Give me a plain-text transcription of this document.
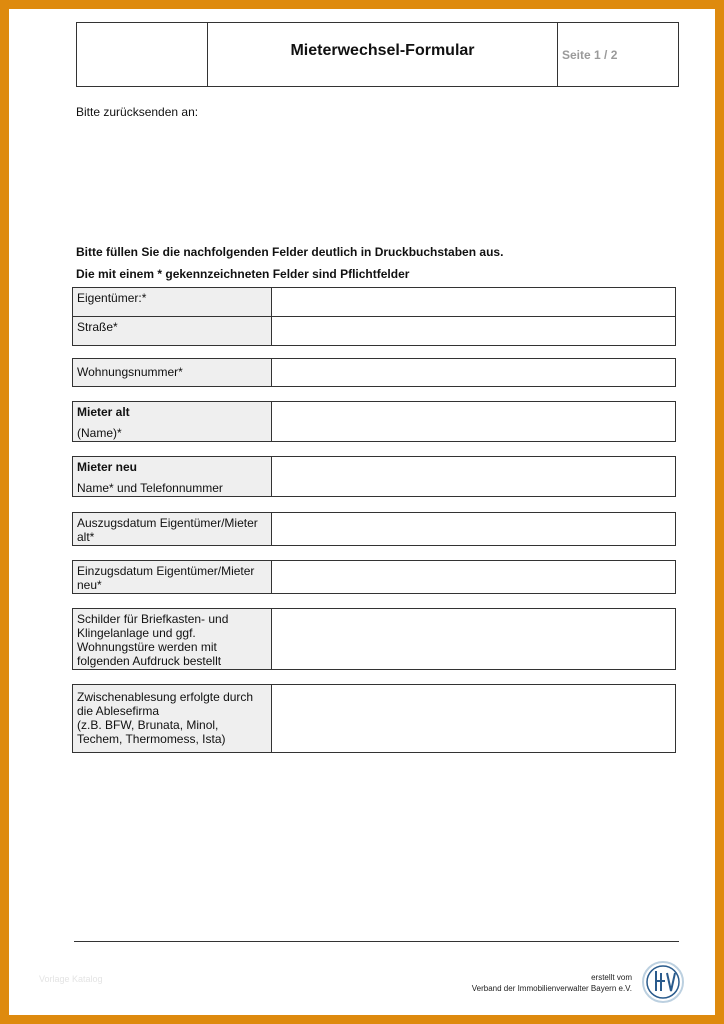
Mieterwechsel-Formular	Seite 1 / 2
Bitte zurücksenden an:
Bitte füllen Sie die nachfolgenden Felder deutlich in Druckbuchstaben aus.
Die mit einem * gekennzeichneten Felder sind Pflichtfelder
Eigentümer:*
Straße*
Wohnungsnummer*
Mieter alt
(Name)*
Mieter neu
Name* und Telefonnummer
Auszugsdatum Eigentümer/Mieter
alt*
Einzugsdatum Eigentümer/Mieter
neu*
Schilder für Briefkasten- und
Klingelanlage und ggf.
Wohnungstüre werden mit
folgenden Aufdruck bestellt
Zwischenablesung erfolgte durch
die Ablesefirma
(z.B. BFW, Brunata, Minol,
Techem, Thermomess, Ista)
Vorlage Katalog	erstellt vom
Verband der Immobilienverwalter Bayern e.V.
